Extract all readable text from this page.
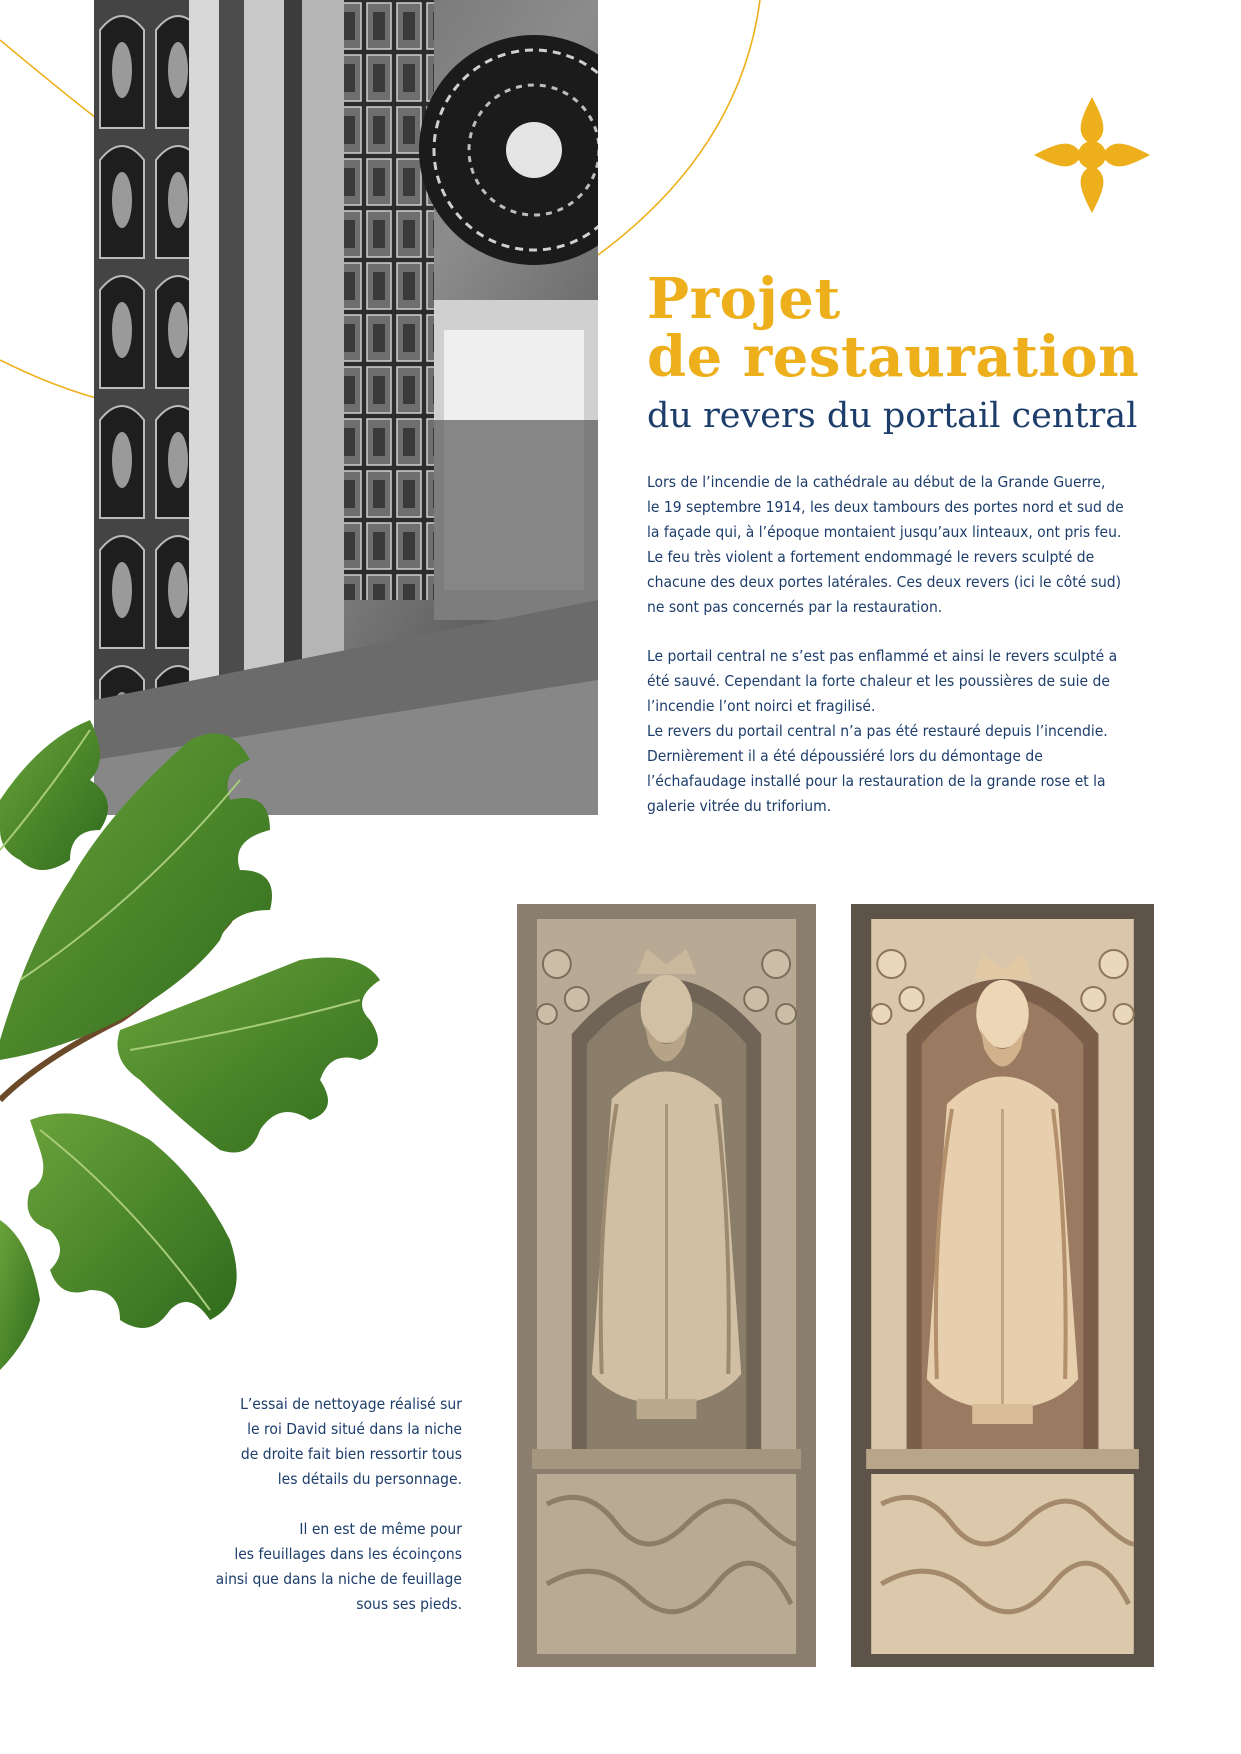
Projet
de restauration
du revers du portail central
Lors de l’incendie de la cathédrale au début de la Grande Guerre,
le 19 septembre 1914, les deux tambours des portes nord et sud de
la façade qui, à l’époque montaient jusqu’aux linteaux, ont pris feu.
Le feu très violent a fortement endommagé le revers sculpté de
chacune des deux portes latérales. Ces deux revers (ici le côté sud)
ne sont pas concernés par la restauration.
Le portail central ne s’est pas enflammé et ainsi le revers sculpté a
été sauvé. Cependant la forte chaleur et les poussières de suie de
l’incendie l’ont noirci et fragilisé.
Le revers du portail central n’a pas été restauré depuis l’incendie.
Dernièrement il a été dépoussiéré lors du démontage de
l’échafaudage installé pour la restauration de la grande rose et la
galerie vitrée du triforium.
L’essai de nettoyage réalisé sur
le roi David situé dans la niche
de droite fait bien ressortir tous
les détails du personnage.
Il en est de même pour
les feuillages dans les écoinçons
ainsi que dans la niche de feuillage
sous ses pieds.
